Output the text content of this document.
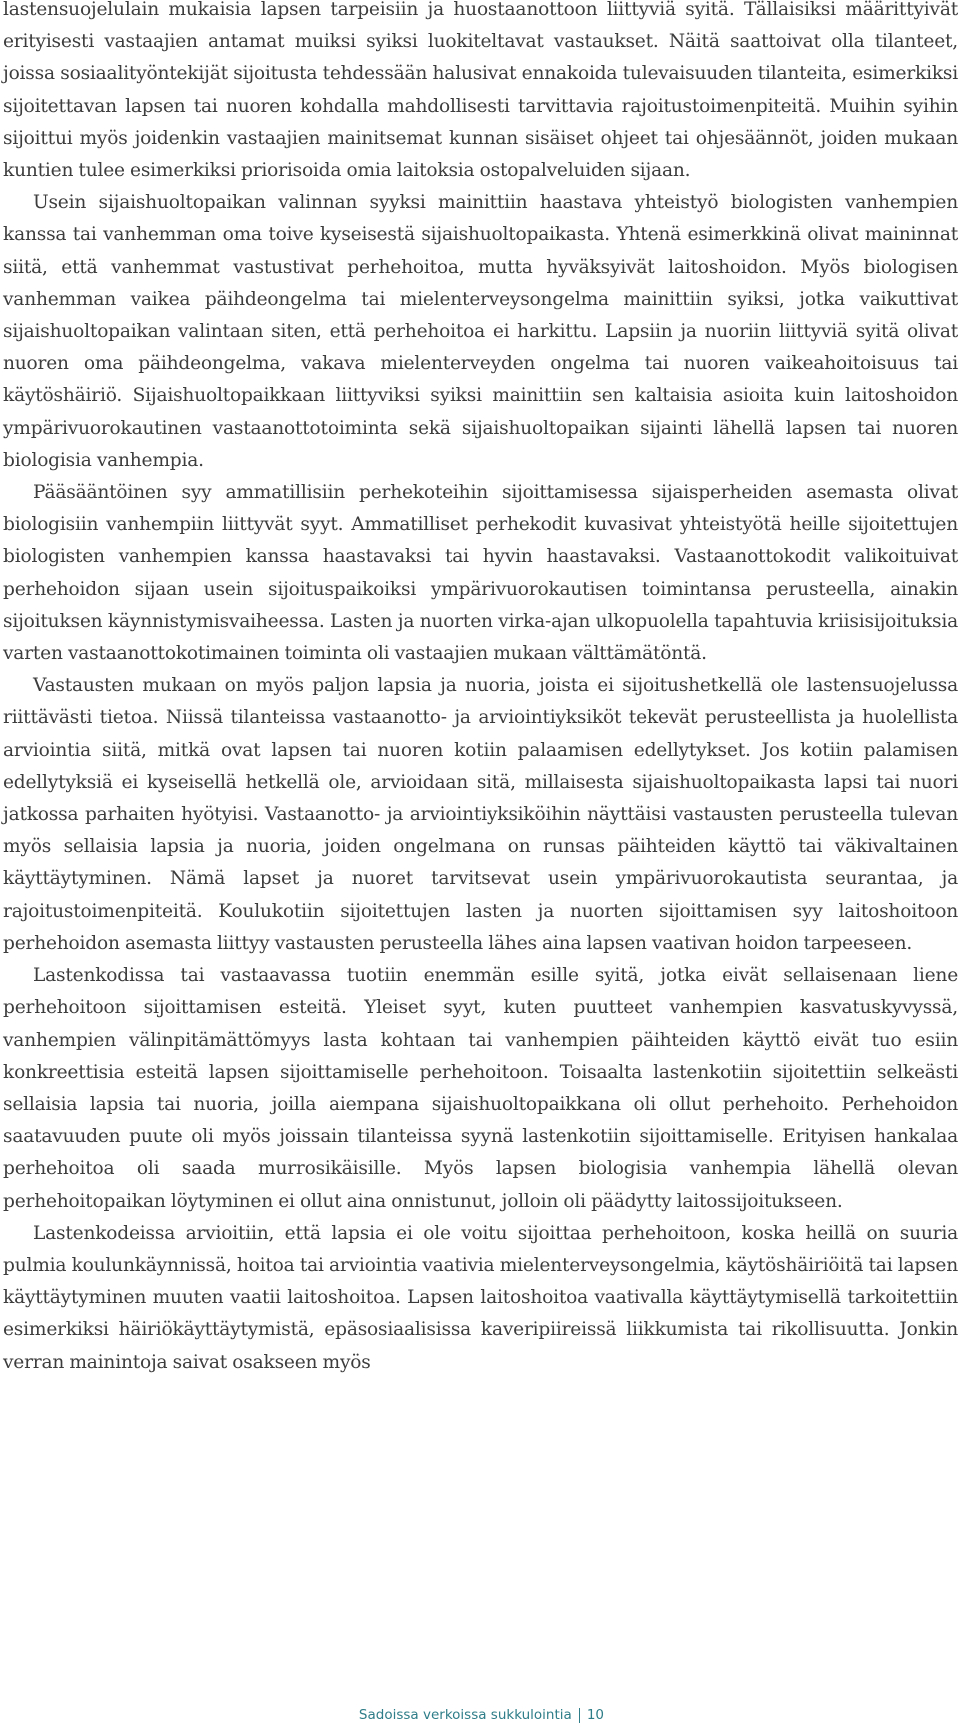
lastensuojelulain mukaisia lapsen tarpeisiin ja huostaanottoon liittyviä syitä. Tällaisiksi määrittyivät erityisesti vastaajien antamat muiksi syiksi luokiteltavat vastaukset. Näitä saattoivat olla tilanteet, joissa sosiaalityöntekijät sijoitusta tehdessään halusivat ennakoida tulevaisuuden tilanteita, esimerkiksi sijoitettavan lapsen tai nuoren kohdalla mahdollisesti tarvittavia rajoitustoimenpiteitä. Muihin syihin sijoittui myös joidenkin vastaajien mainitsemat kunnan sisäiset ohjeet tai ohjesäännöt, joiden mukaan kuntien tulee esimerkiksi priorisoida omia laitoksia ostopalveluiden sijaan.

Usein sijaishuoltopaikan valinnan syyksi mainittiin haastava yhteistyö biologisten vanhempien kanssa tai vanhemman oma toive kyseisestä sijaishuoltopaikasta. Yhtenä esimerkkinä olivat maininnat siitä, että vanhemmat vastustivat perhehoitoa, mutta hyväksyivät laitoshoidon. Myös biologisen vanhemman vaikea päihdeongelma tai mielenterveysongelma mainittiin syiksi, jotka vaikuttivat sijaishuoltopaikan valintaan siten, että perhehoitoa ei harkittu. Lapsiin ja nuoriin liittyviä syitä olivat nuoren oma päihdeongelma, vakava mielenterveyden ongelma tai nuoren vaikeahoitoisuus tai käytöshäiriö. Sijaishuoltopaikkaan liittyviksi syiksi mainittiin sen kaltaisia asioita kuin laitoshoidon ympärivuorokautinen vastaanottotoiminta sekä sijaishuoltopaikan sijainti lähellä lapsen tai nuoren biologisia vanhempia.

Pääsääntöinen syy ammatillisiin perhekoteihin sijoittamisessa sijaisperheiden asemasta olivat biologisiin vanhempiin liittyvät syyt. Ammatilliset perhekodit kuvasivat yhteistyötä heille sijoitettujen biologisten vanhempien kanssa haastavaksi tai hyvin haastavaksi. Vastaanottokodit valikoituivat perhehoidon sijaan usein sijoituspaikoiksi ympärivuorokautisen toimintansa perusteella, ainakin sijoituksen käynnistymisvaiheessa. Lasten ja nuorten virka-ajan ulkopuolella tapahtuvia kriisisijoituksia varten vastaanottokotimainen toiminta oli vastaajien mukaan välttämätöntä.

Vastausten mukaan on myös paljon lapsia ja nuoria, joista ei sijoitushetkellä ole lastensuojelussa riittävästi tietoa. Niissä tilanteissa vastaanotto- ja arviointiyksiköt tekevät perusteellista ja huolellista arviointia siitä, mitkä ovat lapsen tai nuoren kotiin palaamisen edellytykset. Jos kotiin palamisen edellytyksiä ei kyseisellä hetkellä ole, arvioidaan sitä, millaisesta sijaishuoltopaikasta lapsi tai nuori jatkossa parhaiten hyötyisi. Vastaanotto- ja arviointiyksiköihin näyttäisi vastausten perusteella tulevan myös sellaisia lapsia ja nuoria, joiden ongelmana on runsas päihteiden käyttö tai väkivaltainen käyttäytyminen. Nämä lapset ja nuoret tarvitsevat usein ympärivuorokautista seurantaa, ja rajoitustoimenpiteitä. Koulukotiin sijoitettujen lasten ja nuorten sijoittamisen syy laitoshoitoon perhehoidon asemasta liittyy vastausten perusteella lähes aina lapsen vaativan hoidon tarpeeseen.

Lastenkodissa tai vastaavassa tuotiin enemmän esille syitä, jotka eivät sellaisenaan liene perhehoitoon sijoittamisen esteitä. Yleiset syyt, kuten puutteet vanhempien kasvatuskyvyssä, vanhempien välinpitämättömyys lasta kohtaan tai vanhempien päihteiden käyttö eivät tuo esiin konkreettisia esteitä lapsen sijoittamiselle perhehoitoon. Toisaalta lastenkotiin sijoitettiin selkeästi sellaisia lapsia tai nuoria, joilla aiempana sijaishuoltopaikkana oli ollut perhehoito. Perhehoidon saatavuuden puute oli myös joissain tilanteissa syynä lastenkotiin sijoittamiselle. Erityisen hankalaa perhehoitoa oli saada murrosikäisille. Myös lapsen biologisia vanhempia lähellä olevan perhehoitopaikan löytyminen ei ollut aina onnistunut, jolloin oli päädytty laitossijoitukseen.

Lastenkodeissa arvioitiin, että lapsia ei ole voitu sijoittaa perhehoitoon, koska heillä on suuria pulmia koulunkäynnissä, hoitoa tai arviointia vaativia mielenterveysongelmia, käytöshäiriöitä tai lapsen käyttäytyminen muuten vaatii laitoshoitoa. Lapsen laitoshoitoa vaativalla käyttäytymisellä tarkoitettiin esimerkiksi häiriökäyttäytymistä, epäsosiaalisissa kaveripiireissä liikkumista tai rikollisuutta. Jonkin verran mainintoja saivat osakseen myös

Sadoissa verkoissa sukkulointia 10
